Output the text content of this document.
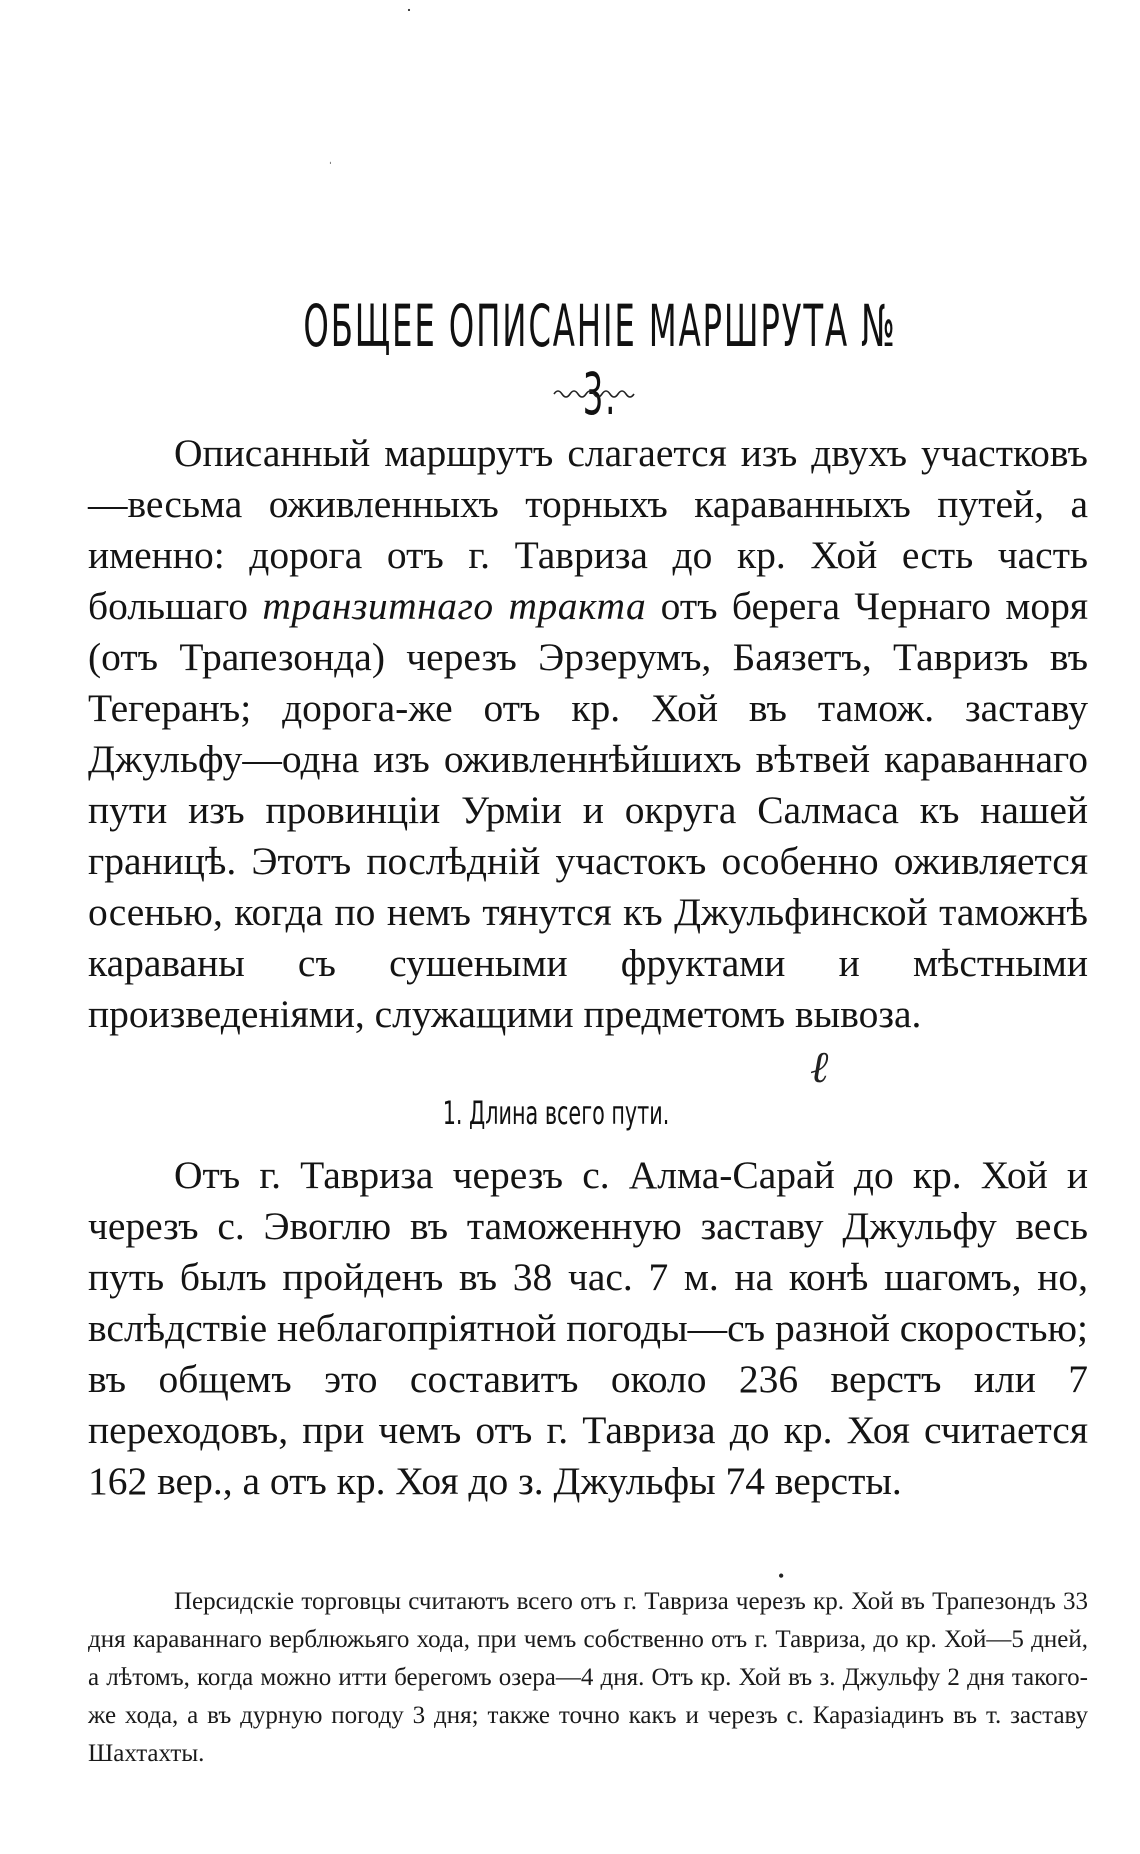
·
ˌ
ОБЩЕЕ ОПИСАНІЕ МАРШРУТА № 3.

Описанный маршрутъ слагается изъ двухъ участковъ—весьма оживленныхъ торныхъ караванныхъ путей, а именно: дорога отъ г. Тавриза до кр. Хой есть часть большаго транзитнаго тракта отъ берега Чернаго моря (отъ Трапезонда) черезъ Эрзерумъ, Баязетъ, Тавризъ въ Тегеранъ; дорога-же отъ кр. Хой въ тамож. заставу Джульфу—одна изъ оживленнѣйшихъ вѣтвей караваннаго пути изъ провинціи Урміи и округа Салмаса къ нашей границѣ. Этотъ послѣдній участокъ особенно оживляется осенью, когда по немъ тянутся къ Джульфинской таможнѣ караваны съ сушеными фруктами и мѣстными произведеніями, служащими предметомъ вывоза.

ℓ
1. Длина всего пути.

Отъ г. Тавриза черезъ с. Алма-Сарай до кр. Хой и черезъ с. Эвоглю въ таможенную заставу Джульфу весь путь былъ пройденъ въ 38 час. 7 м. на конѣ шагомъ, но, вслѣдствіе неблагопріятной погоды—съ разной скоростью; въ общемъ это составитъ около 236 верстъ или 7 переходовъ, при чемъ отъ г. Тавриза до кр. Хоя считается 162 вер., а отъ кр. Хоя до з. Джульфы 74 версты.

•
Персидскіе торговцы считаютъ всего отъ г. Тавриза черезъ кр. Хой въ Трапезондъ 33 дня караваннаго верблюжьяго хода, при чемъ собственно отъ г. Тавриза, до кр. Хой—5 дней, а лѣтомъ, когда можно итти берегомъ озера—4 дня. Отъ кр. Хой въ з. Джульфу 2 дня такого-же хода, а въ дурную погоду 3 дня; также точно какъ и черезъ с. Каразіадинъ въ т. заставу Шахтахты.
